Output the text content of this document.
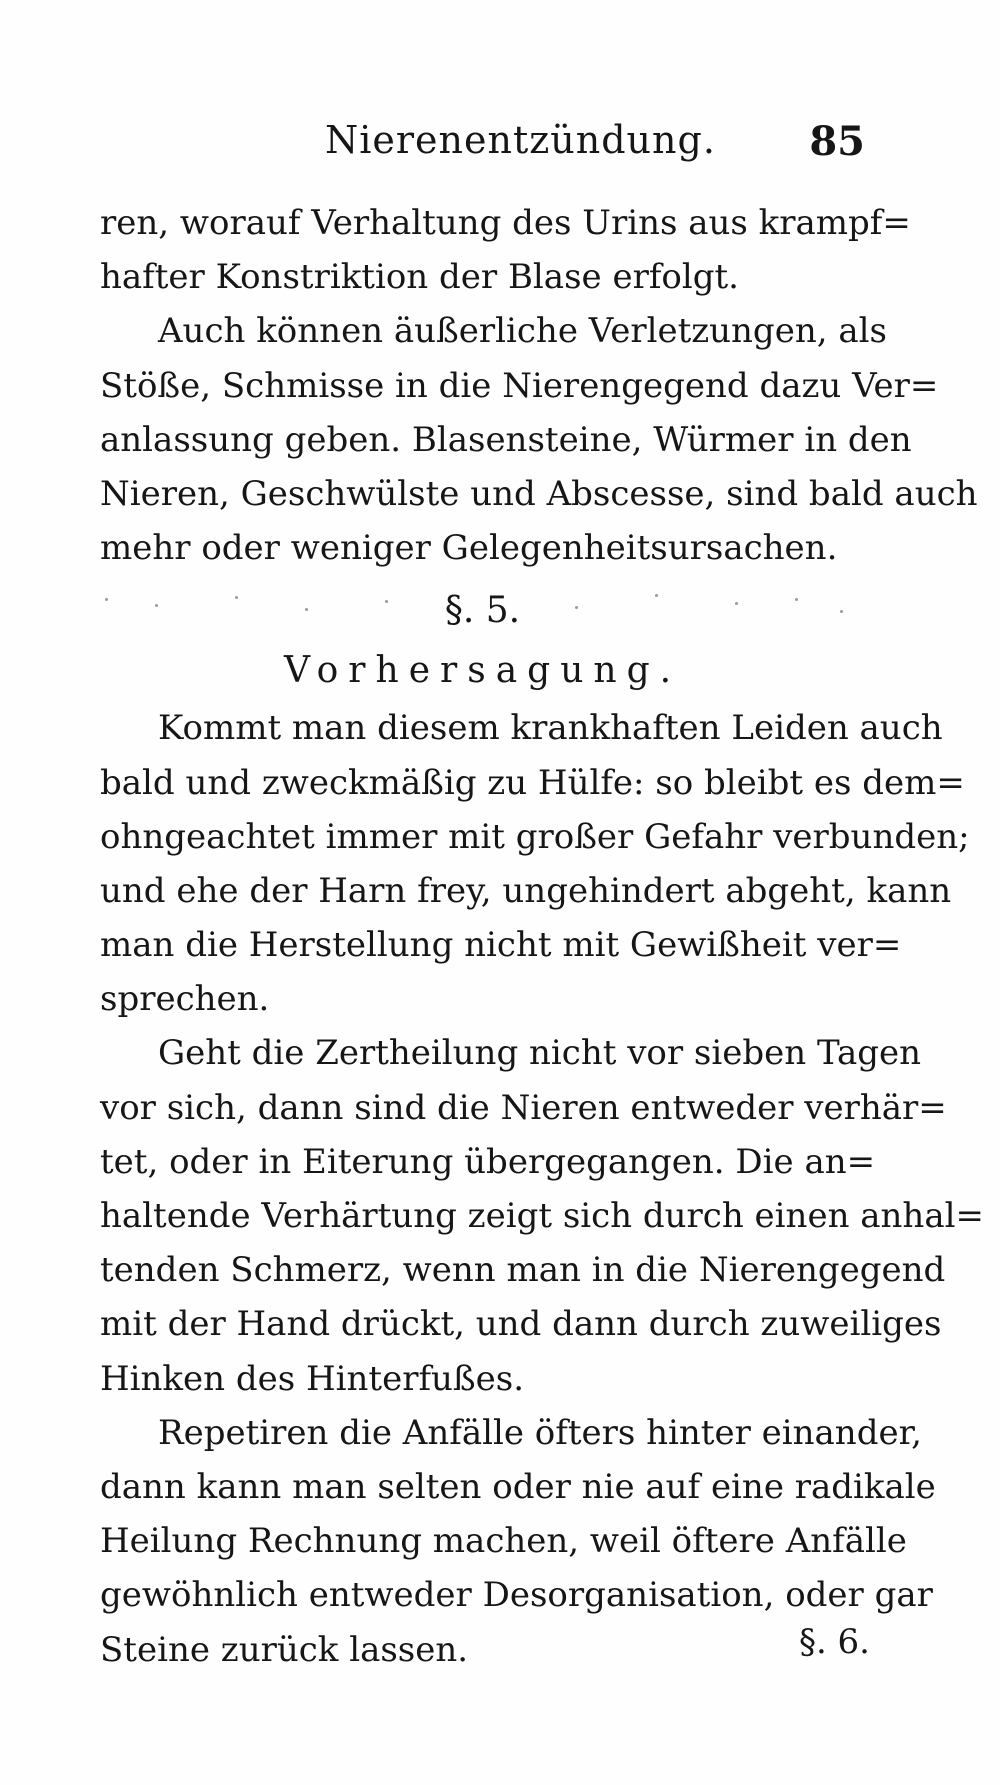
Nierenentzündung. 85
ren, worauf Verhaltung des Urins aus krampf=
hafter Konstriktion der Blase erfolgt.
Auch können äußerliche Verletzungen, als
Stöße, Schmisse in die Nierengegend dazu Ver=
anlassung geben. Blasensteine, Würmer in den
Nieren, Geschwülste und Abscesse, sind bald auch
mehr oder weniger Gelegenheitsursachen.
§. 5.
Vorhersagung.
Kommt man diesem krankhaften Leiden auch
bald und zweckmäßig zu Hülfe: so bleibt es dem=
ohngeachtet immer mit großer Gefahr verbunden;
und ehe der Harn frey, ungehindert abgeht, kann
man die Herstellung nicht mit Gewißheit ver=
sprechen.
Geht die Zertheilung nicht vor sieben Tagen
vor sich, dann sind die Nieren entweder verhär=
tet, oder in Eiterung übergegangen. Die an=
haltende Verhärtung zeigt sich durch einen anhal=
tenden Schmerz, wenn man in die Nierengegend
mit der Hand drückt, und dann durch zuweiliges
Hinken des Hinterfußes.
Repetiren die Anfälle öfters hinter einander,
dann kann man selten oder nie auf eine radikale
Heilung Rechnung machen, weil öftere Anfälle
gewöhnlich entweder Desorganisation, oder gar
Steine zurück lassen.	§. 6.
